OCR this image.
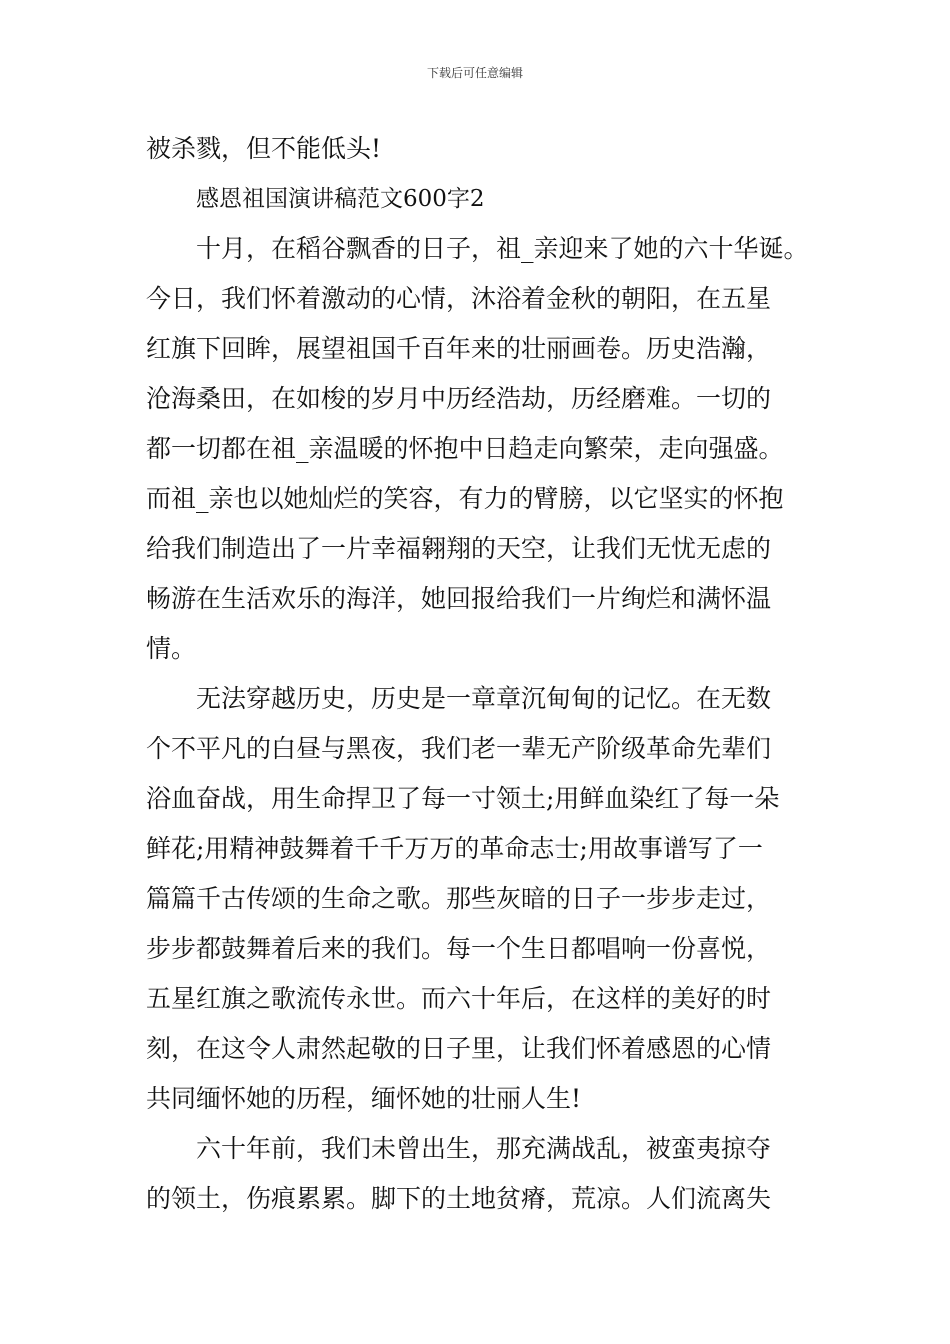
下载后可任意编辑
被杀戮，但不能低头!
感恩祖国演讲稿范文600字2
十月，在稻谷飘香的日子，祖_亲迎来了她的六十华诞。
今日，我们怀着激动的心情，沐浴着金秋的朝阳，在五星
红旗下回眸，展望祖国千百年来的壮丽画卷。历史浩瀚，
沧海桑田，在如梭的岁月中历经浩劫，历经磨难。一切的
都一切都在祖_亲温暖的怀抱中日趋走向繁荣，走向强盛。
而祖_亲也以她灿烂的笑容，有力的臂膀，以它坚实的怀抱
给我们制造出了一片幸福翱翔的天空，让我们无忧无虑的
畅游在生活欢乐的海洋，她回报给我们一片绚烂和满怀温
情。
无法穿越历史，历史是一章章沉甸甸的记忆。在无数
个不平凡的白昼与黑夜，我们老一辈无产阶级革命先辈们
浴血奋战，用生命捍卫了每一寸领土;用鲜血染红了每一朵
鲜花;用精神鼓舞着千千万万的革命志士;用故事谱写了一
篇篇千古传颂的生命之歌。那些灰暗的日子一步步走过，
步步都鼓舞着后来的我们。每一个生日都唱响一份喜悦，
五星红旗之歌流传永世。而六十年后，在这样的美好的时
刻，在这令人肃然起敬的日子里，让我们怀着感恩的心情
共同缅怀她的历程，缅怀她的壮丽人生!
六十年前，我们未曾出生，那充满战乱，被蛮夷掠夺
的领土，伤痕累累。脚下的土地贫瘠，荒凉。人们流离失
